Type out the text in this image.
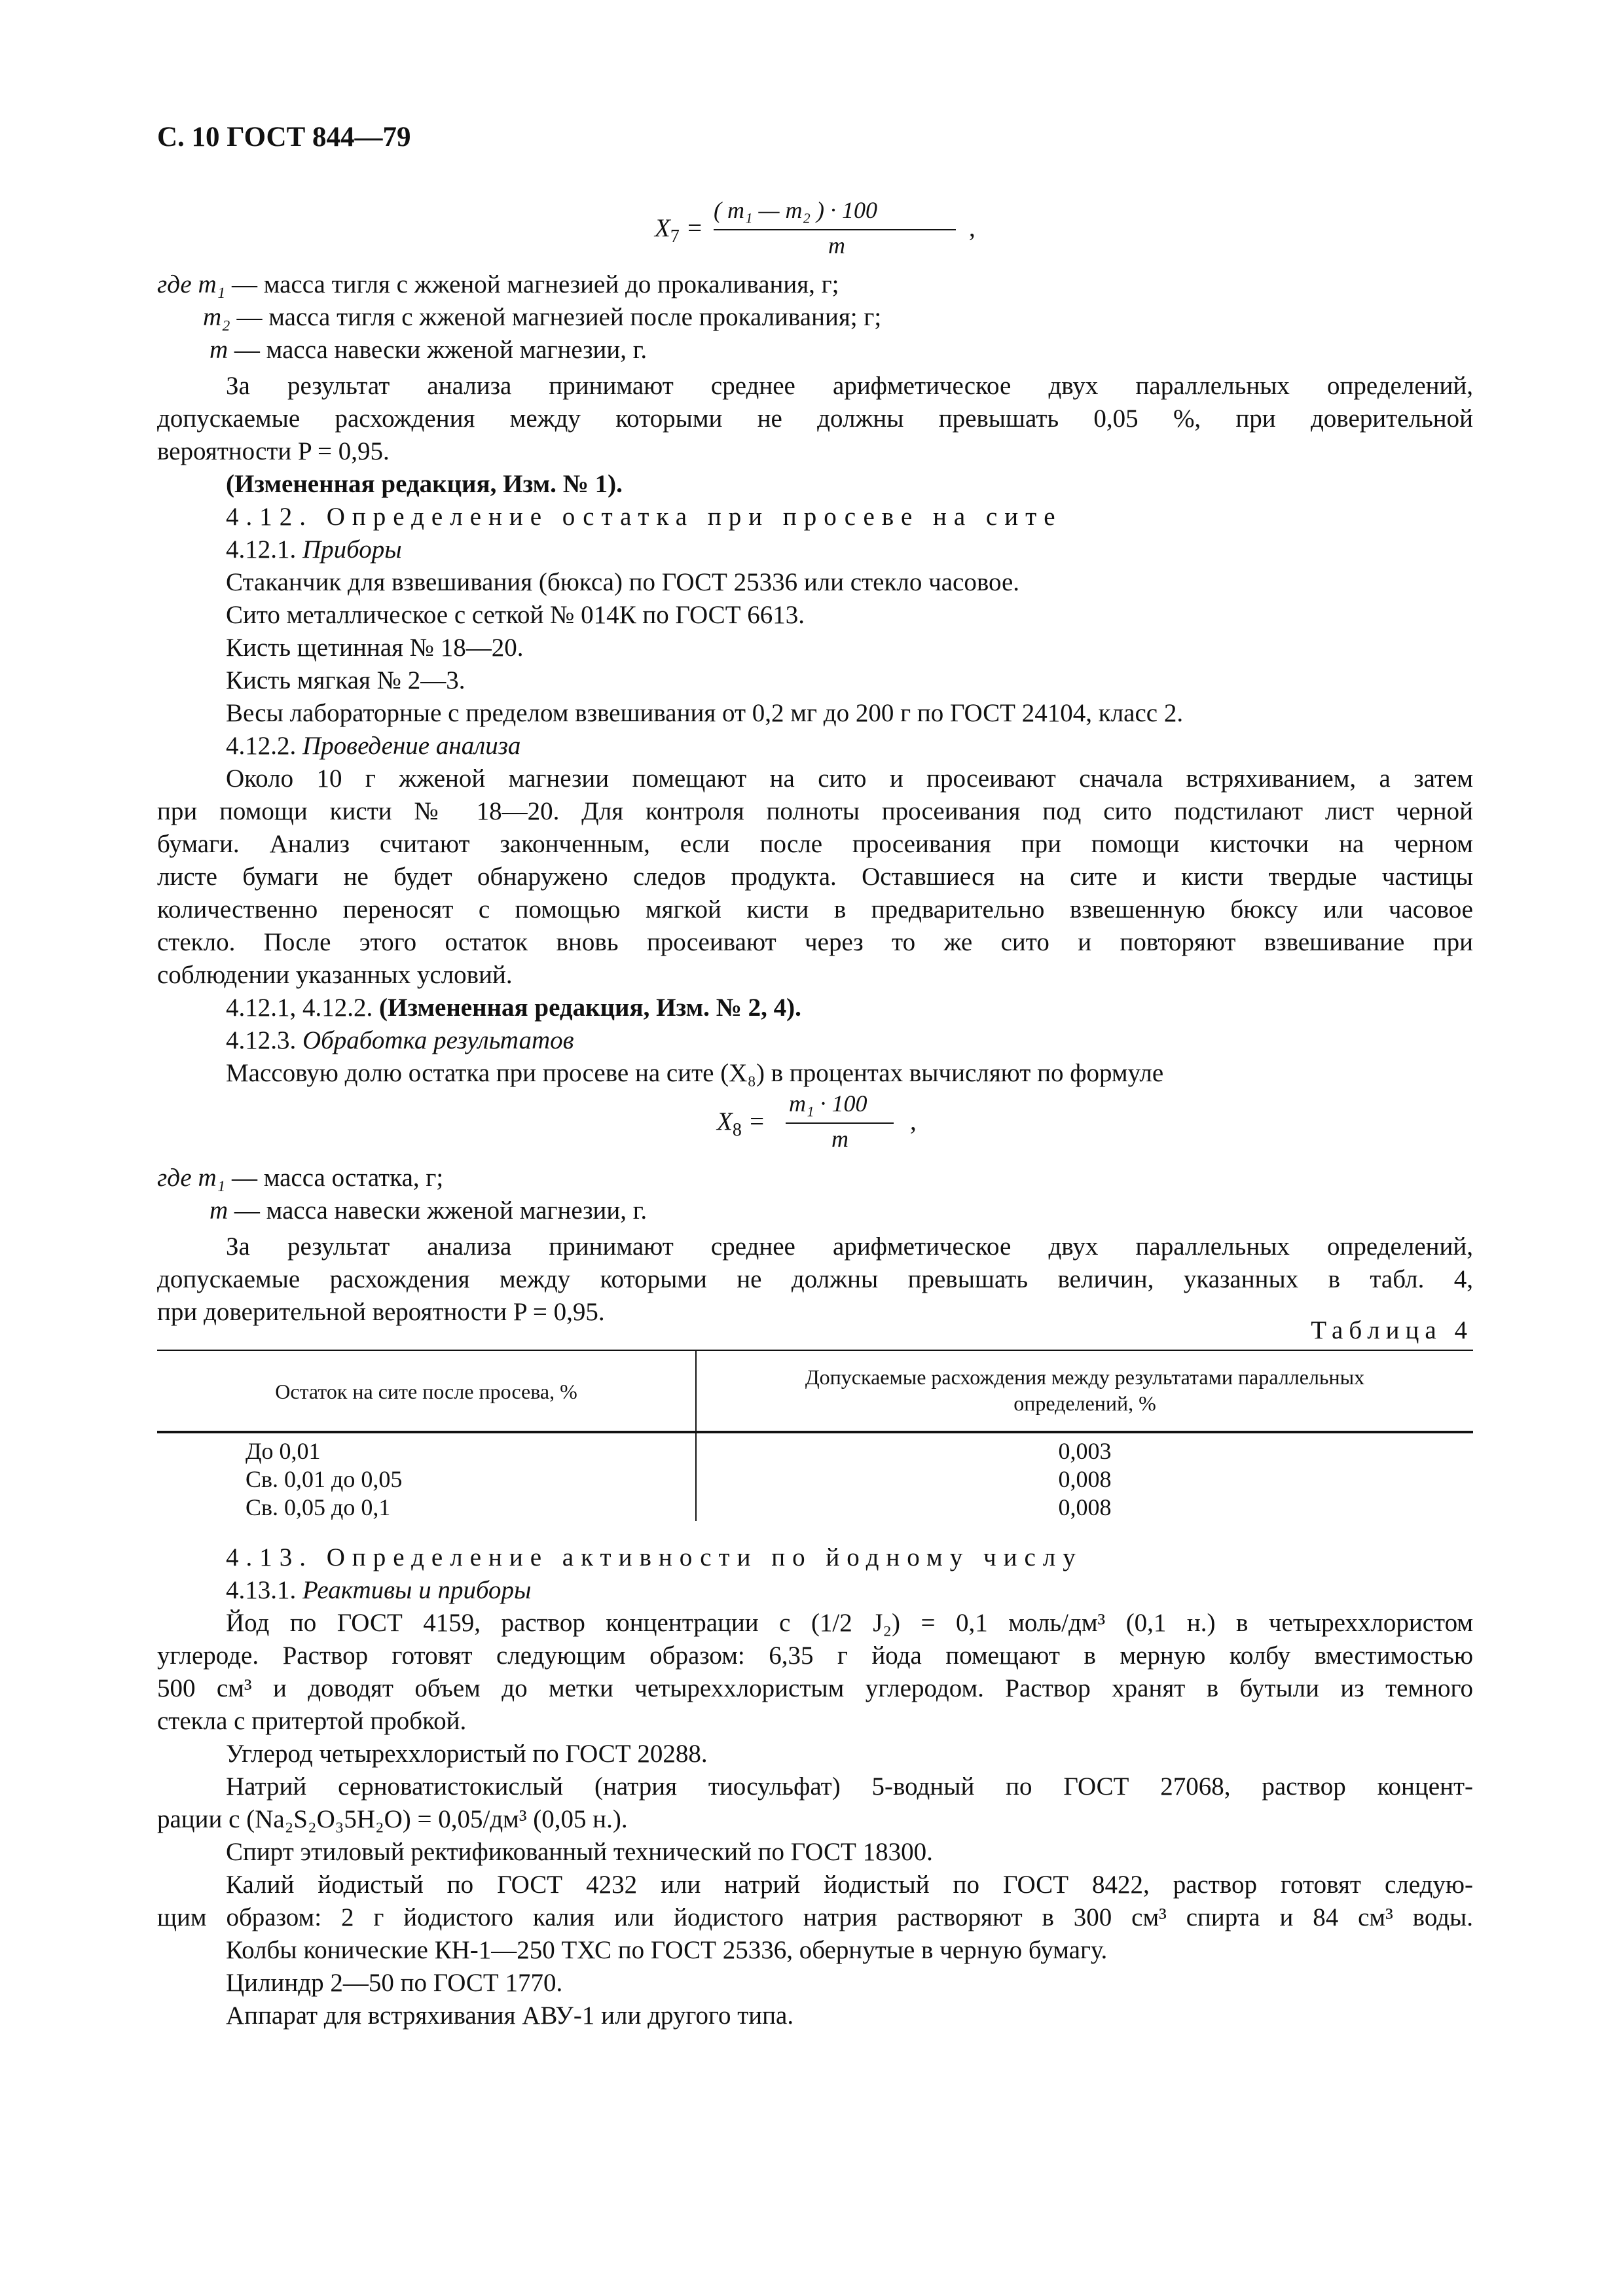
С. 10 ГОСТ 844—79
$X_7$ =
( m₁ — m₂ ) · 100
m
,
где m₁ — масса тигля с жженой магнезией до прокаливания, г;
m₂ — масса тигля с жженой магнезией после прокаливания; г;
m — масса навески жженой магнезии, г.
За результат анализа принимают среднее арифметическое двух параллельных определений,
допускаемые расхождения между которыми не должны превышать 0,05 %, при доверительной
вероятности P = 0,95.
(Измененная редакция, Изм. № 1).
4.12. Определение остатка при просеве на сите
4.12.1. Приборы
Стаканчик для взвешивания (бюкса) по ГОСТ 25336 или стекло часовое.
Сито металлическое с сеткой № 014К по ГОСТ 6613.
Кисть щетинная № 18—20.
Кисть мягкая № 2—3.
Весы лабораторные с пределом взвешивания от 0,2 мг до 200 г по ГОСТ 24104, класс 2.
4.12.2. Проведение анализа
Около 10 г жженой магнезии помещают на сито и просеивают сначала встряхиванием, а затем
при помощи кисти № 18—20. Для контроля полноты просеивания под сито подстилают лист черной
бумаги. Анализ считают законченным, если после просеивания при помощи кисточки на черном
листе бумаги не будет обнаружено следов продукта. Оставшиеся на сите и кисти твердые частицы
количественно переносят с помощью мягкой кисти в предварительно взвешенную бюксу или часовое
стекло. После этого остаток вновь просеивают через то же сито и повторяют взвешивание при
соблюдении указанных условий.
4.12.1, 4.12.2. (Измененная редакция, Изм. № 2, 4).
4.12.3. Обработка результатов
Массовую долю остатка при просеве на сите (X₈) в процентах вычисляют по формуле
$X_8$ =
m₁ · 100
m
,
где m₁ — масса остатка, г;
m — масса навески жженой магнезии, г.
За результат анализа принимают среднее арифметическое двух параллельных определений,
допускаемые расхождения между которыми не должны превышать величин, указанных в табл. 4,
при доверительной вероятности P = 0,95.
Таблица 4
Остаток на сите после просева, %
Допускаемые расхождения между результатами параллельных
определений, %
До 0,01	0,003
Св. 0,01 до 0,05	0,008
Св. 0,05 до 0,1	0,008
4.13. Определение активности по йодному числу
4.13.1. Реактивы и приборы
Йод по ГОСТ 4159, раствор концентрации c (1/2 J₂) = 0,1 моль/дм³ (0,1 н.) в четыреххлористом
углероде. Раствор готовят следующим образом: 6,35 г йода помещают в мерную колбу вместимостью
500 см³ и доводят объем до метки четыреххлористым углеродом. Раствор хранят в бутыли из темного
стекла с притертой пробкой.
Углерод четыреххлористый по ГОСТ 20288.
Натрий серноватистокислый (натрия тиосульфат) 5-водный по ГОСТ 27068, раствор концент-
рации c (Na₂S₂O₃5H₂O) = 0,05/дм³ (0,05 н.).
Спирт этиловый ректификованный технический по ГОСТ 18300.
Калий йодистый по ГОСТ 4232 или натрий йодистый по ГОСТ 8422, раствор готовят следую-
щим образом: 2 г йодистого калия или йодистого натрия растворяют в 300 см³ спирта и 84 см³ воды.
Колбы конические КН-1—250 ТХС по ГОСТ 25336, обернутые в черную бумагу.
Цилиндр 2—50 по ГОСТ 1770.
Аппарат для встряхивания АВУ-1 или другого типа.
